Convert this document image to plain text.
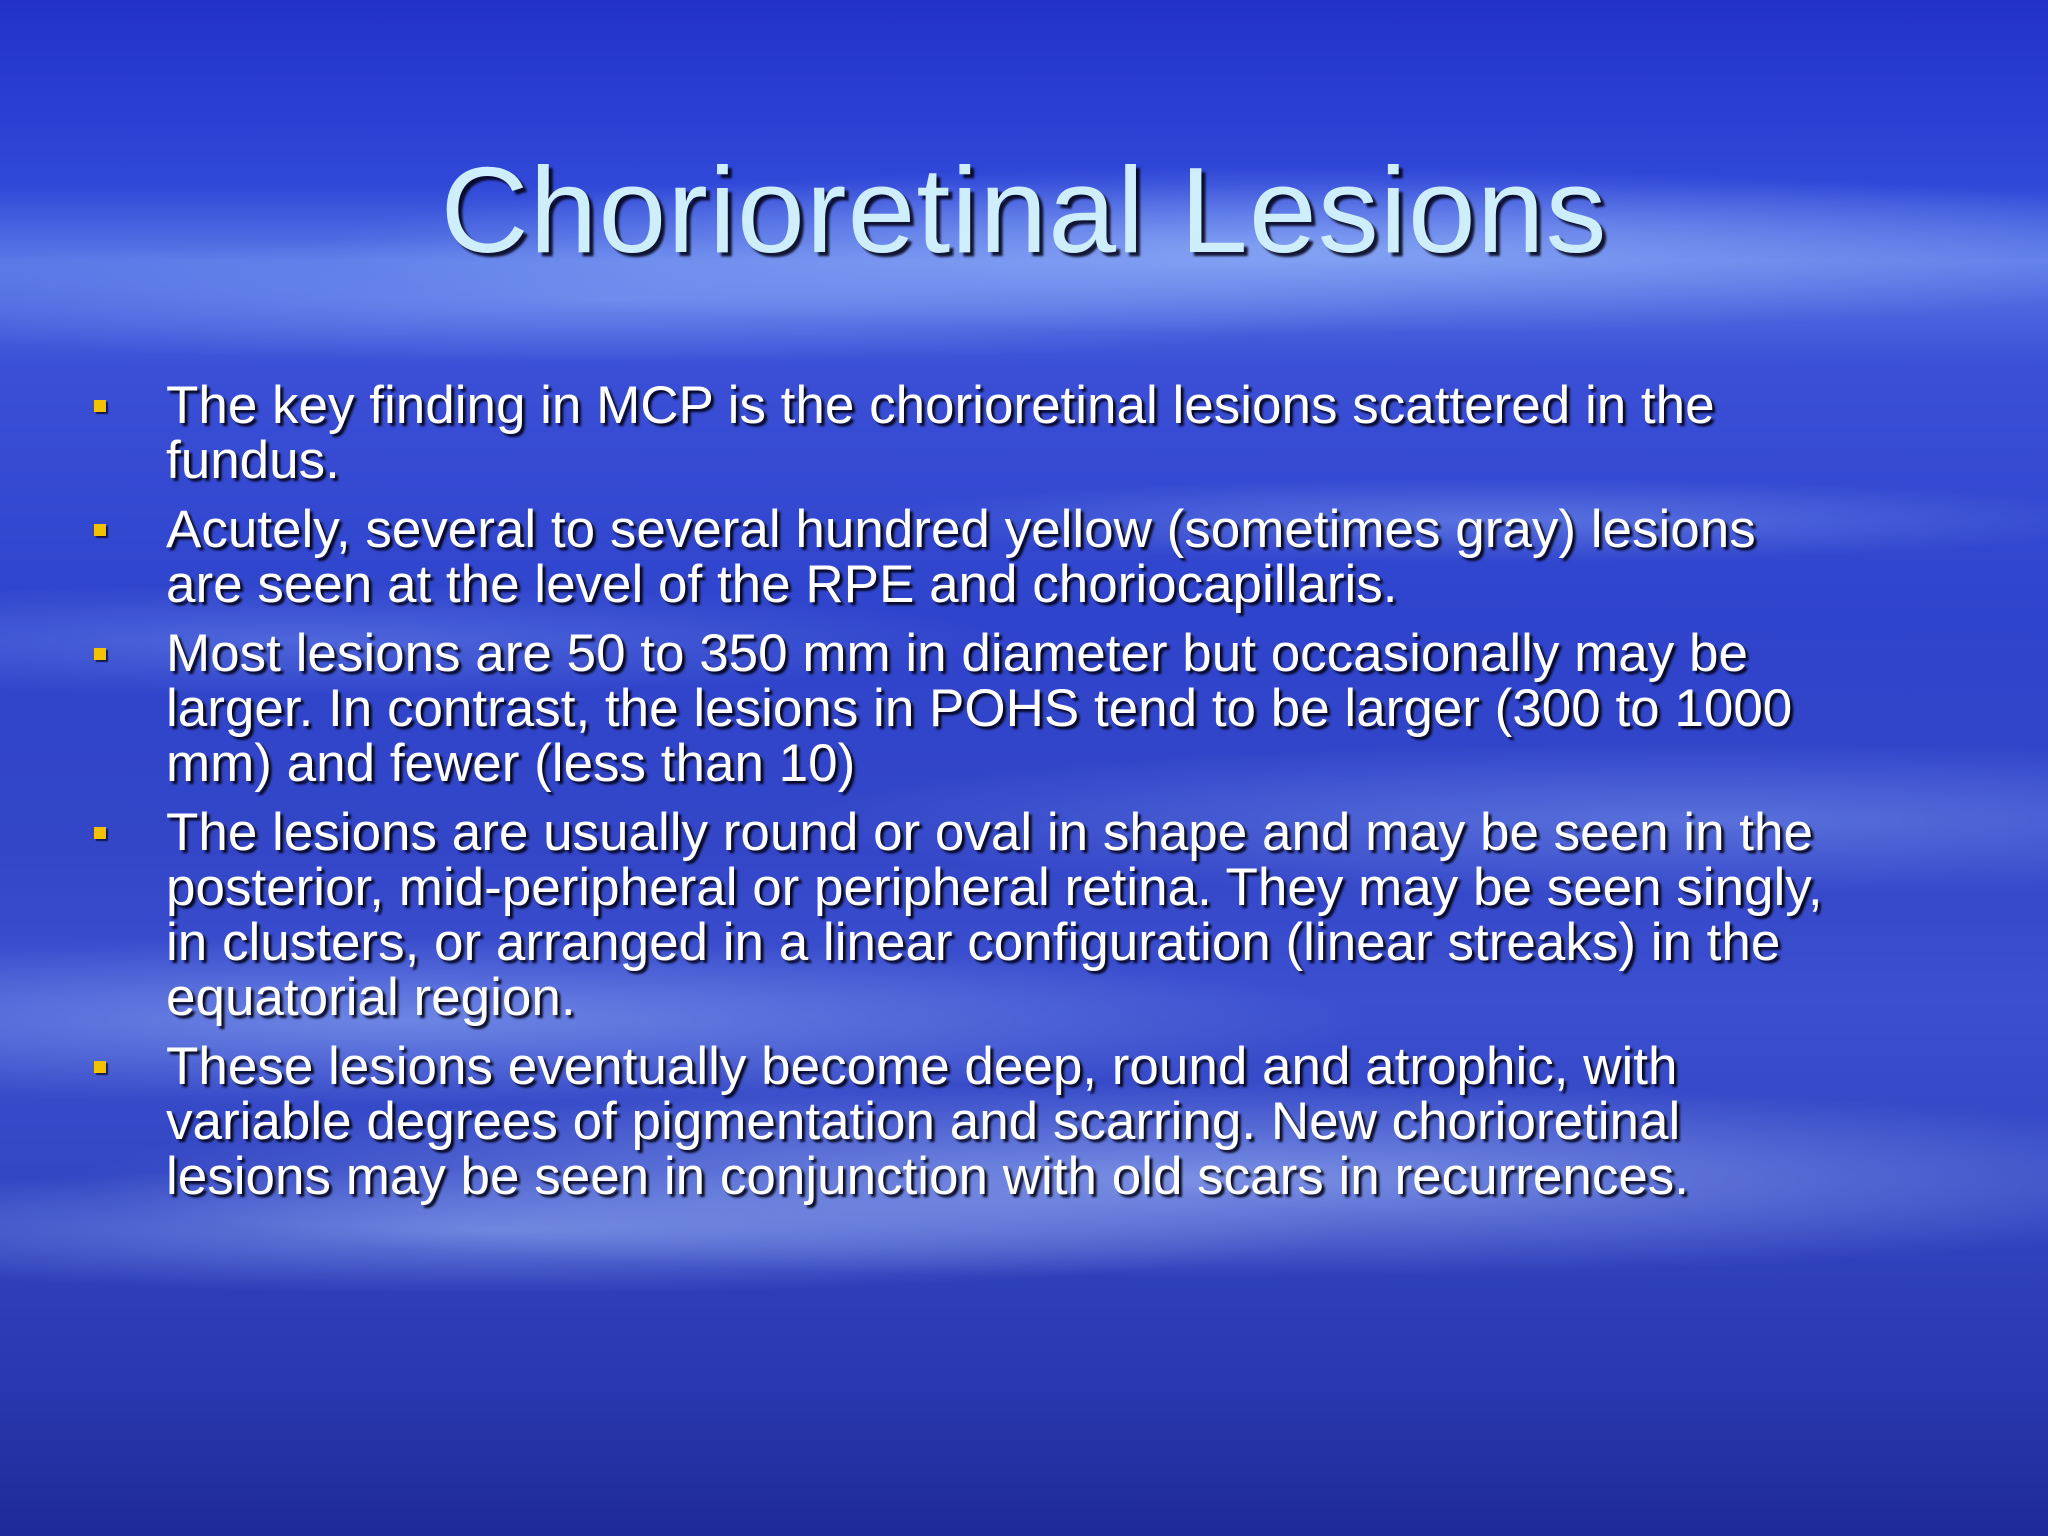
Chorioretinal Lesions
The key finding in MCP is the chorioretinal lesions scattered in the
fundus.
Acutely, several to several hundred yellow (sometimes gray) lesions
are seen at the level of the RPE and choriocapillaris.
Most lesions are 50 to 350 mm in diameter but occasionally may be
larger. In contrast, the lesions in POHS tend to be larger (300 to 1000
mm) and fewer (less than 10)
The lesions are usually round or oval in shape and may be seen in the
posterior, mid-peripheral or peripheral retina. They may be seen singly,
in clusters, or arranged in a linear configuration (linear streaks) in the
equatorial region.
These lesions eventually become deep, round and atrophic, with
variable degrees of pigmentation and scarring. New chorioretinal
lesions may be seen in conjunction with old scars in recurrences.
